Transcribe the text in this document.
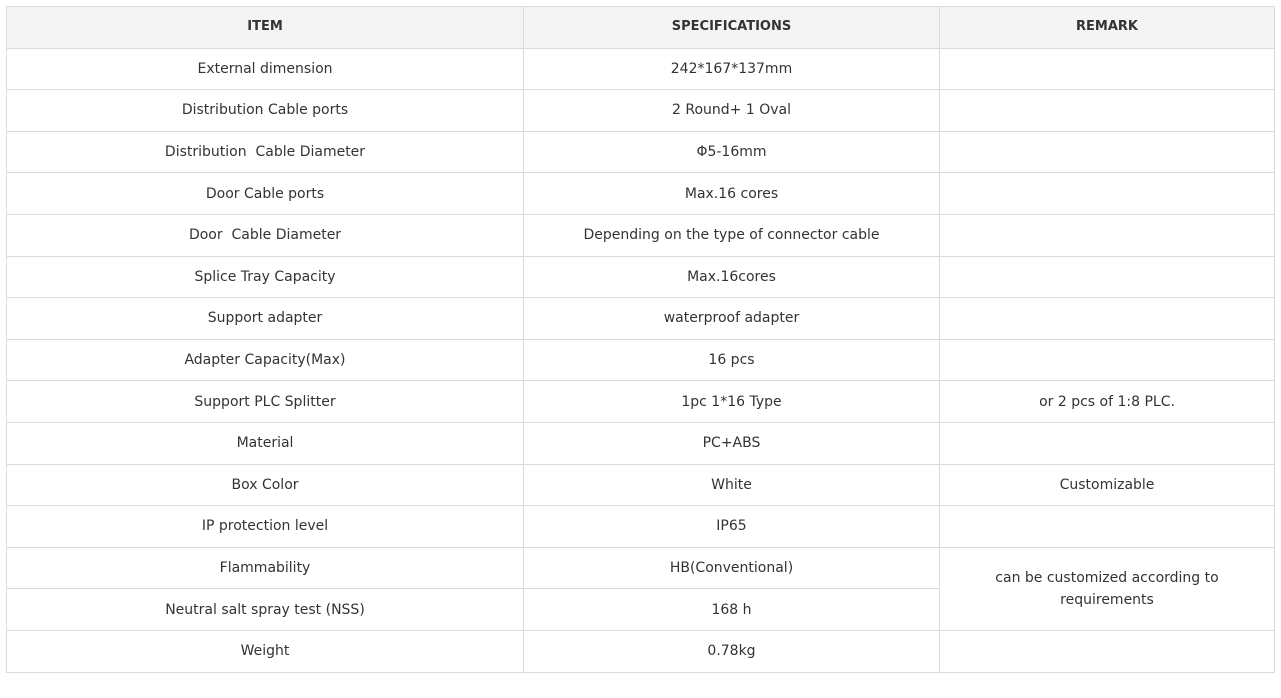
ITEM	SPECIFICATIONS	REMARK
External dimension	242*167*137mm	
Distribution Cable ports	2 Round+ 1 Oval	
Distribution  Cable Diameter	Φ5-16mm	
Door Cable ports	Max.16 cores	
Door  Cable Diameter	Depending on the type of connector cable	
Splice Tray Capacity	Max.16cores	
Support adapter	waterproof adapter	
Adapter Capacity(Max)	16 pcs	
Support PLC Splitter	1pc 1*16 Type	or 2 pcs of 1:8 PLC.
Material	PC+ABS	
Box Color	White	Customizable
IP protection level	IP65	
Flammability	HB(Conventional)	can be customized according to requirements
Neutral salt spray test (NSS)	168 h	
Weight	0.78kg	
